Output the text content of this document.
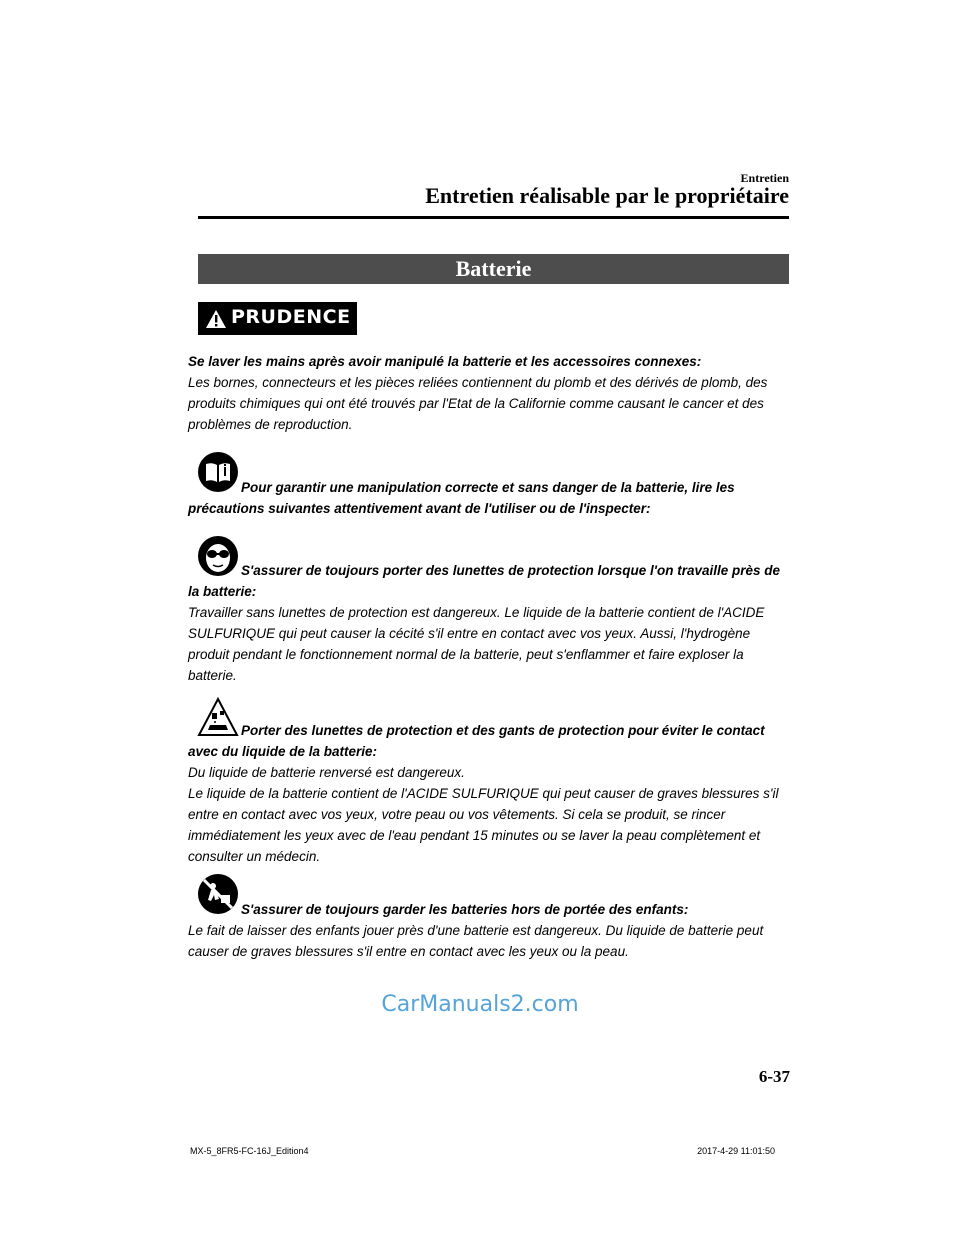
Entretien
Entretien réalisable par le propriétaire
Batterie
PRUDENCE
Se laver les mains après avoir manipulé la batterie et les accessoires connexes:
Les bornes, connecteurs et les pièces reliées contiennent du plomb et des dérivés de plomb, des produits chimiques qui ont été trouvés par l'Etat de la Californie comme causant le cancer et des problèmes de reproduction.
Pour garantir une manipulation correcte et sans danger de la batterie, lire les précautions suivantes attentivement avant de l'utiliser ou de l'inspecter:
S'assurer de toujours porter des lunettes de protection lorsque l'on travaille près de la batterie:
Travailler sans lunettes de protection est dangereux. Le liquide de la batterie contient de l'ACIDE SULFURIQUE qui peut causer la cécité s'il entre en contact avec vos yeux. Aussi, l'hydrogène produit pendant le fonctionnement normal de la batterie, peut s'enflammer et faire exploser la batterie.
Porter des lunettes de protection et des gants de protection pour éviter le contact avec du liquide de la batterie:
Du liquide de batterie renversé est dangereux.
Le liquide de la batterie contient de l'ACIDE SULFURIQUE qui peut causer de graves blessures s'il entre en contact avec vos yeux, votre peau ou vos vêtements. Si cela se produit, se rincer immédiatement les yeux avec de l'eau pendant 15 minutes ou se laver la peau complètement et consulter un médecin.
S'assurer de toujours garder les batteries hors de portée des enfants:
Le fait de laisser des enfants jouer près d'une batterie est dangereux. Du liquide de batterie peut causer de graves blessures s'il entre en contact avec les yeux ou la peau.
CarManuals2.com
6-37
MX-5_8FR5-FC-16J_Edition4	2017-4-29 11:01:50
